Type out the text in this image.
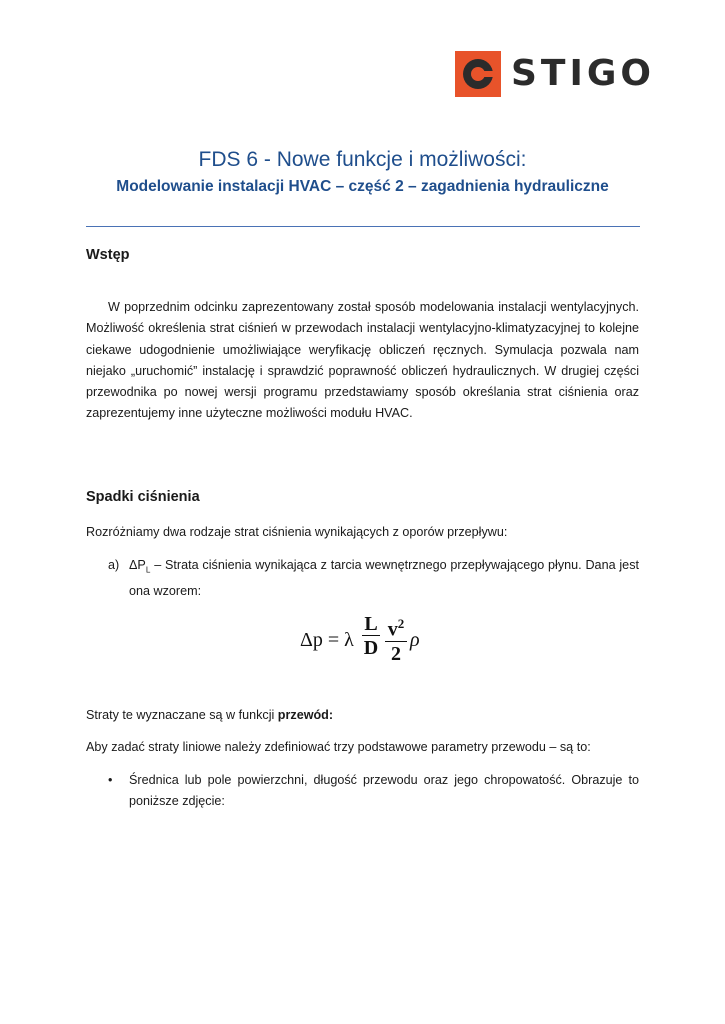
STIGO
FDS 6 - Nowe funkcje i możliwości:
Modelowanie instalacji HVAC – część 2 – zagadnienia hydrauliczne
Wstęp

W poprzednim odcinku zaprezentowany został sposób modelowania instalacji wentylacyjnych. Możliwość określenia strat ciśnień w przewodach instalacji wentylacyjno-klimatyzacyjnej to kolejne ciekawe udogodnienie umożliwiające weryfikację obliczeń ręcznych. Symulacja pozwala nam niejako „uruchomić” instalację i sprawdzić poprawność obliczeń hydraulicznych. W drugiej części przewodnika po nowej wersji programu przedstawiamy sposób określania strat ciśnienia oraz zaprezentujemy inne użyteczne możliwości modułu HVAC.

Spadki ciśnienia

Rozróżniamy dwa rodzaje strat ciśnienia wynikających z oporów przepływu:

a) $\Delta P_L$ – Strata ciśnienia wynikająca z tarcia wewnętrznego przepływającego płynu. Dana jest ona wzorem:
Δp = λ
L
D
$v^2$
2
ρ

Straty te wyznaczane są w funkcji przewód:

Aby zadać straty liniowe należy zdefiniować trzy podstawowe parametry przewodu – są to:

• Średnica lub pole powierzchni, długość przewodu oraz jego chropowatość. Obrazuje to poniższe zdjęcie:
